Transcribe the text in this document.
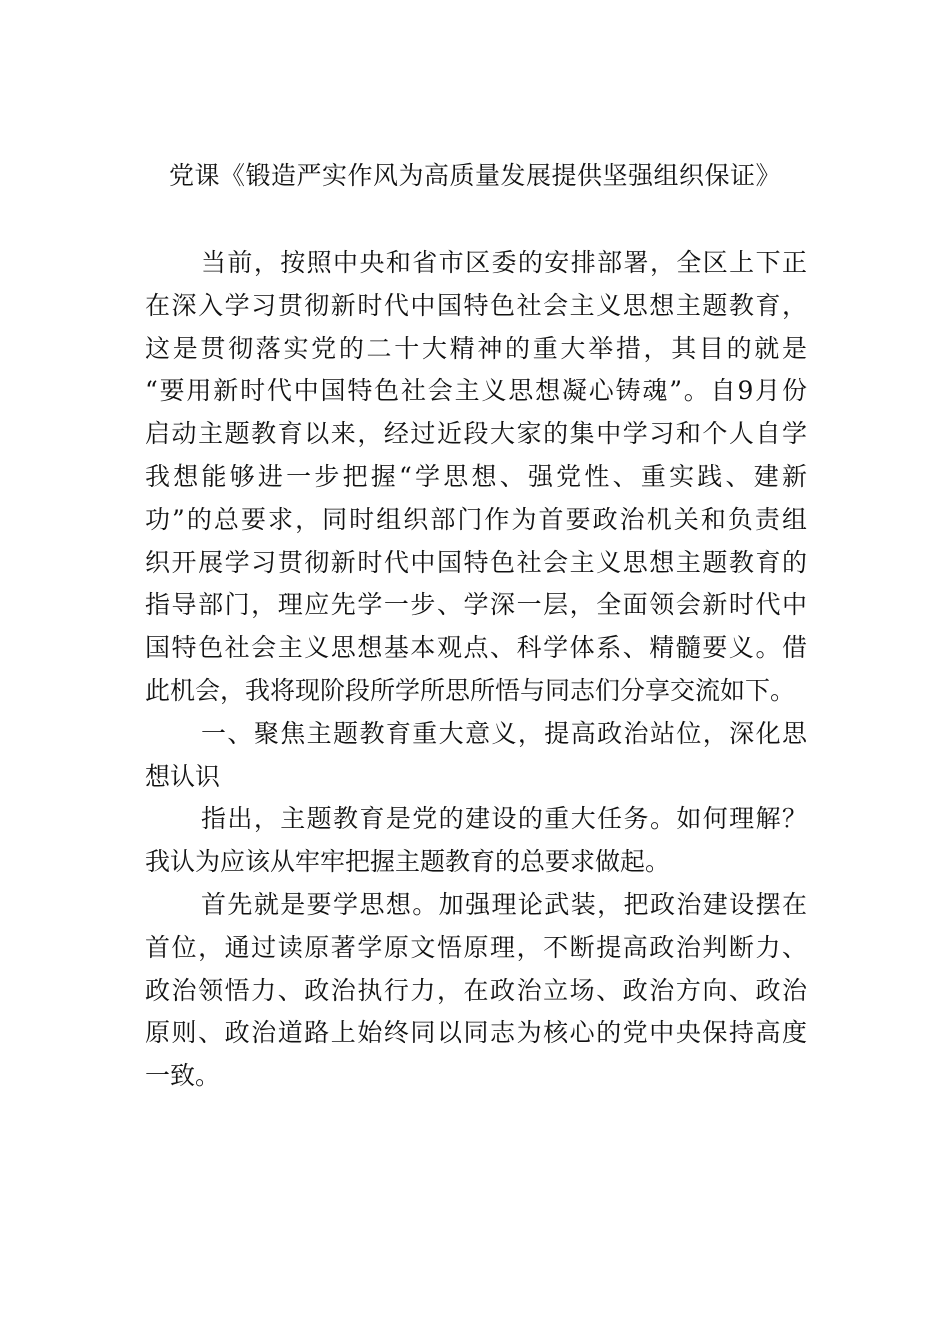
党课《锻造严实作风为高质量发展提供坚强组织保证》
当前，按照中央和省市区委的安排部署，全区上下正
在深入学习贯彻新时代中国特色社会主义思想主题教育，
这是贯彻落实党的二十大精神的重大举措，其目的就是
“要用新时代中国特色社会主义思想凝心铸魂”。自9月份
启动主题教育以来，经过近段大家的集中学习和个人自学
我想能够进一步把握“学思想、强党性、重实践、建新
功”的总要求，同时组织部门作为首要政治机关和负责组
织开展学习贯彻新时代中国特色社会主义思想主题教育的
指导部门，理应先学一步、学深一层，全面领会新时代中
国特色社会主义思想基本观点、科学体系、精髓要义。借
此机会，我将现阶段所学所思所悟与同志们分享交流如下。
一、聚焦主题教育重大意义，提高政治站位，深化思
想认识
指出，主题教育是党的建设的重大任务。如何理解？
我认为应该从牢牢把握主题教育的总要求做起。
首先就是要学思想。加强理论武装，把政治建设摆在
首位，通过读原著学原文悟原理，不断提高政治判断力、
政治领悟力、政治执行力，在政治立场、政治方向、政治
原则、政治道路上始终同以同志为核心的党中央保持高度
一致。
